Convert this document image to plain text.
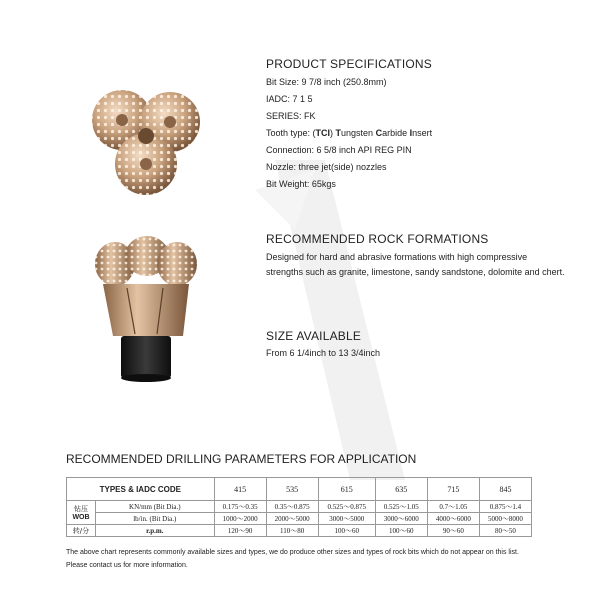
PRODUCT SPECIFICATIONS
Bit Size: 9 7/8 inch (250.8mm)
IADC: 7 1 5
SERIES: FK
Tooth type: (TCI) Tungsten Carbide Insert
Connection: 6 5/8 inch API REG PIN
Nozzle: three jet(side) nozzles
Bit Weight: 65kgs
RECOMMENDED ROCK FORMATIONS
Designed for hard and abrasive formations with high compressive strengths such as granite, limestone, sandy sandstone, dolomite and chert.
SIZE AVAILABLE
From 6 1/4inch to 13 3/4inch
RECOMMENDED DRILLING PARAMETERS FOR APPLICATION
TYPES & IADC CODE		415	535	615	635	715	845

钻压
WOB	KN/mm (Bit Dia.)	0.175～0.35	0.35～0.875	0.525～0.875	0.525～1.05	0.7～1.05	0.875～1.4
	lb/in. (Bit Dia.)	1000～2000	2000～5000	3000～5000	3000～6000	4000～6000	5000～8000
转/分	r.p.m.	120～90	110～80	100～60	100～60	90～60	80～50
The above chart represents commonly available sizes and types, we do produce other sizes and types of rock bits which do not appear on this list. Please contact us for more information.
